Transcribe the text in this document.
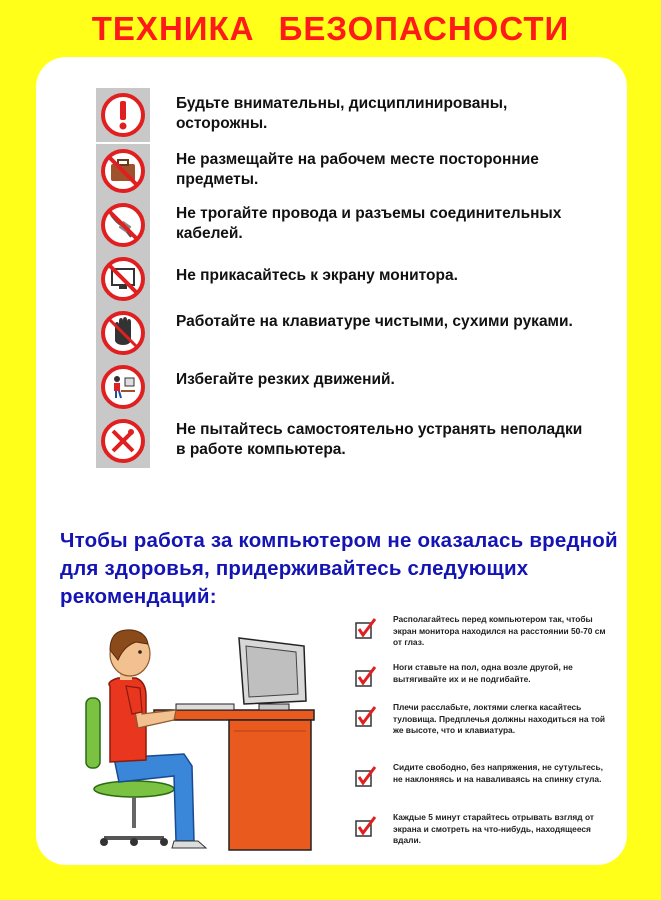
ТЕХНИКА БЕЗОПАСНОСТИ
Будьте внимательны, дисциплинированы, осторожны.
Не размещайте на рабочем месте посторонние предметы.
Не трогайте провода и разъемы соединительных кабелей.
Не прикасайтесь к экрану монитора.
Работайте на клавиатуре чистыми, сухими руками.
Избегайте резких движений.
Не пытайтесь самостоятельно устранять неполадки в работе компьютера.
Чтобы работа за компьютером не оказалась вредной для здоровья, придерживайтесь следующих рекомендаций:
Располагайтесь перед компьютером так, чтобы экран монитора находился на расстоянии 50-70 см от глаз.
Ноги ставьте на пол, одна возле другой, не вытягивайте их и не подгибайте.
Плечи расслабьте, локтями слегка касайтесь туловища. Предплечья должны находиться на той же высоте, что и клавиатура.
Сидите свободно, без напряжения, не сутультесь, не наклоняясь и на наваливаясь на спинку стула.
Каждые 5 минут старайтесь отрывать взгляд от экрана и смотреть на что-нибудь, находящееся вдали.
